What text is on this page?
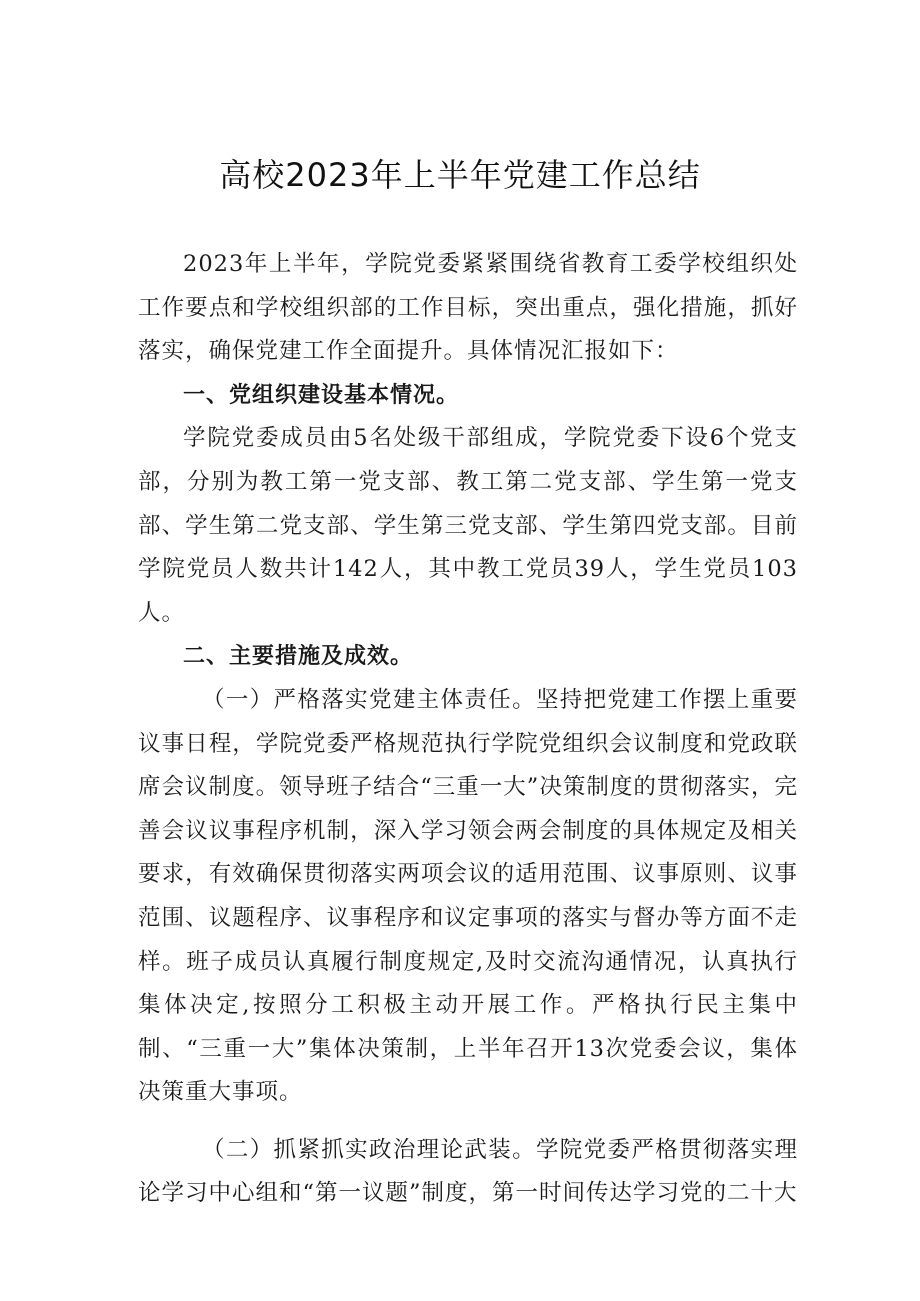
高校2023年上半年党建工作总结

2023年上半年，学院党委紧紧围绕省教育工委学校组织处工作要点和学校组织部的工作目标，突出重点，强化措施，抓好落实，确保党建工作全面提升。具体情况汇报如下：

一、党组织建设基本情况。

学院党委成员由5名处级干部组成，学院党委下设6个党支部，分别为教工第一党支部、教工第二党支部、学生第一党支部、学生第二党支部、学生第三党支部、学生第四党支部。目前学院党员人数共计142人，其中教工党员39人，学生党员103人。

二、主要措施及成效。

（一）严格落实党建主体责任。坚持把党建工作摆上重要议事日程，学院党委严格规范执行学院党组织会议制度和党政联席会议制度。领导班子结合“三重一大”决策制度的贯彻落实，完善会议议事程序机制，深入学习领会两会制度的具体规定及相关要求，有效确保贯彻落实两项会议的适用范围、议事原则、议事范围、议题程序、议事程序和议定事项的落实与督办等方面不走样。班子成员认真履行制度规定,及时交流沟通情况，认真执行集体决定,按照分工积极主动开展工作。严格执行民主集中制、“三重一大”集体决策制，上半年召开13次党委会议，集体决策重大事项。

（二）抓紧抓实政治理论武装。学院党委严格贯彻落实理论学习中心组和“第一议题”制度，第一时间传达学习党的二十大
